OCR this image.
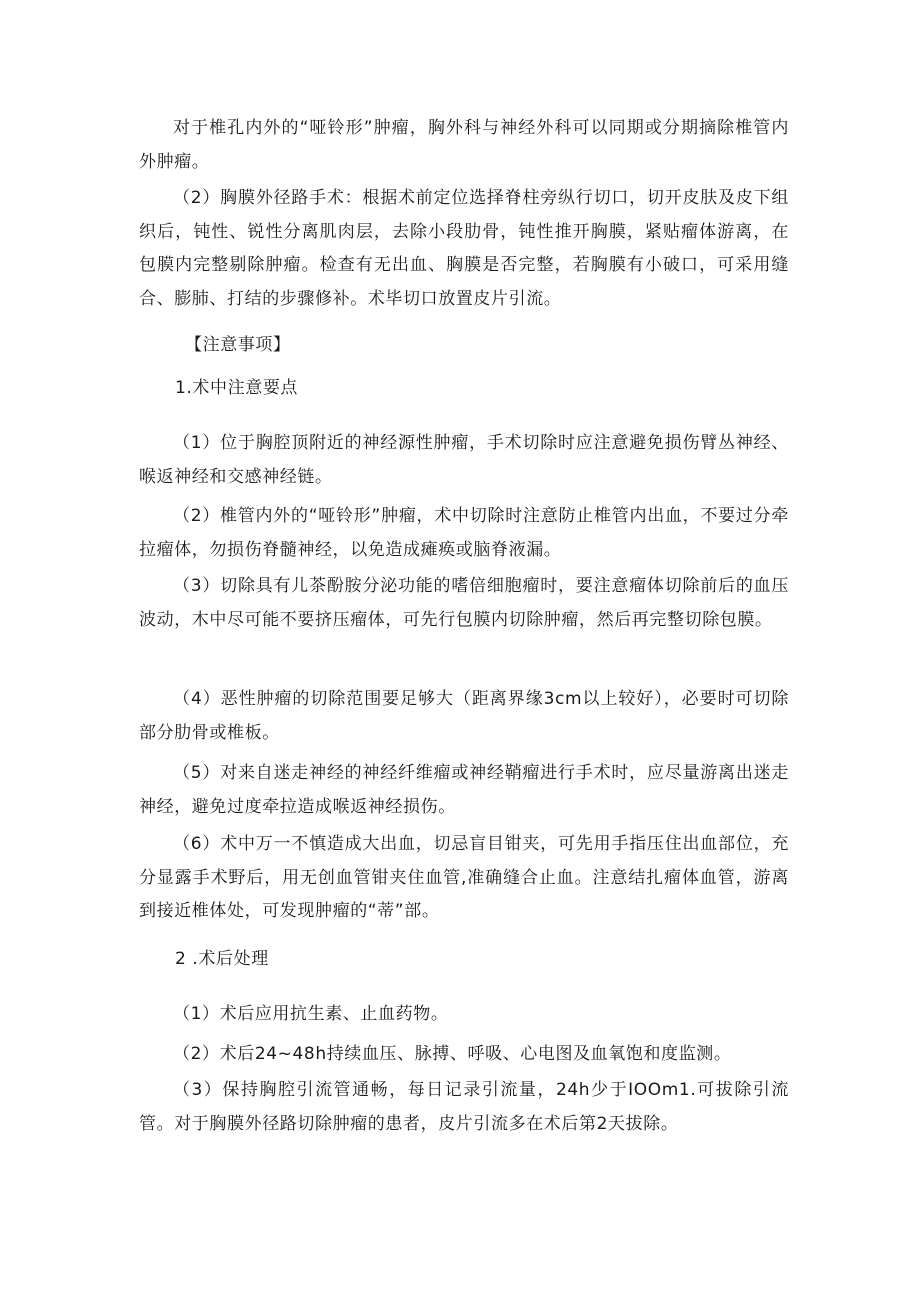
对于椎孔内外的“哑铃形”肿瘤，胸外科与神经外科可以同期或分期摘除椎管内外肿瘤。

（2）胸膜外径路手术：根据术前定位选择脊柱旁纵行切口，切开皮肤及皮下组织后，钝性、锐性分离肌肉层，去除小段肋骨，钝性推开胸膜，紧贴瘤体游离，在包膜内完整剔除肿瘤。检查有无出血、胸膜是否完整，若胸膜有小破口，可采用缝合、膨肺、打结的步骤修补。术毕切口放置皮片引流。

【注意事项】

1.术中注意要点

（1）位于胸腔顶附近的神经源性肿瘤，手术切除时应注意避免损伤臂丛神经、喉返神经和交感神经链。

（2）椎管内外的“哑铃形”肿瘤，术中切除时注意防止椎管内出血，不要过分牵拉瘤体，勿损伤脊髓神经，以免造成瘫痪或脑脊液漏。

（3）切除具有儿茶酚胺分泌功能的嗜倍细胞瘤时，要注意瘤体切除前后的血压波动，木中尽可能不要挤压瘤体，可先行包膜内切除肿瘤，然后再完整切除包膜。

（4）恶性肿瘤的切除范围要足够大（距离界缘3cm以上较好），必要时可切除部分肋骨或椎板。

（5）对来自迷走神经的神经纤维瘤或神经鞘瘤进行手术时，应尽量游离出迷走神经，避免过度牵拉造成喉返神经损伤。

（6）术中万一不慎造成大出血，切忌盲目钳夹，可先用手指压住出血部位，充分显露手术野后，用无创血管钳夹住血管,准确缝合止血。注意结扎瘤体血管，游离到接近椎体处，可发现肿瘤的“蒂”部。

2 .术后处理

（1）术后应用抗生素、止血药物。

（2）术后24~48h持续血压、脉搏、呼吸、心电图及血氧饱和度监测。

（3）保持胸腔引流管通畅，每日记录引流量，24h少于IOOm1.可拔除引流管。对于胸膜外径路切除肿瘤的患者，皮片引流多在术后第2天拔除。
